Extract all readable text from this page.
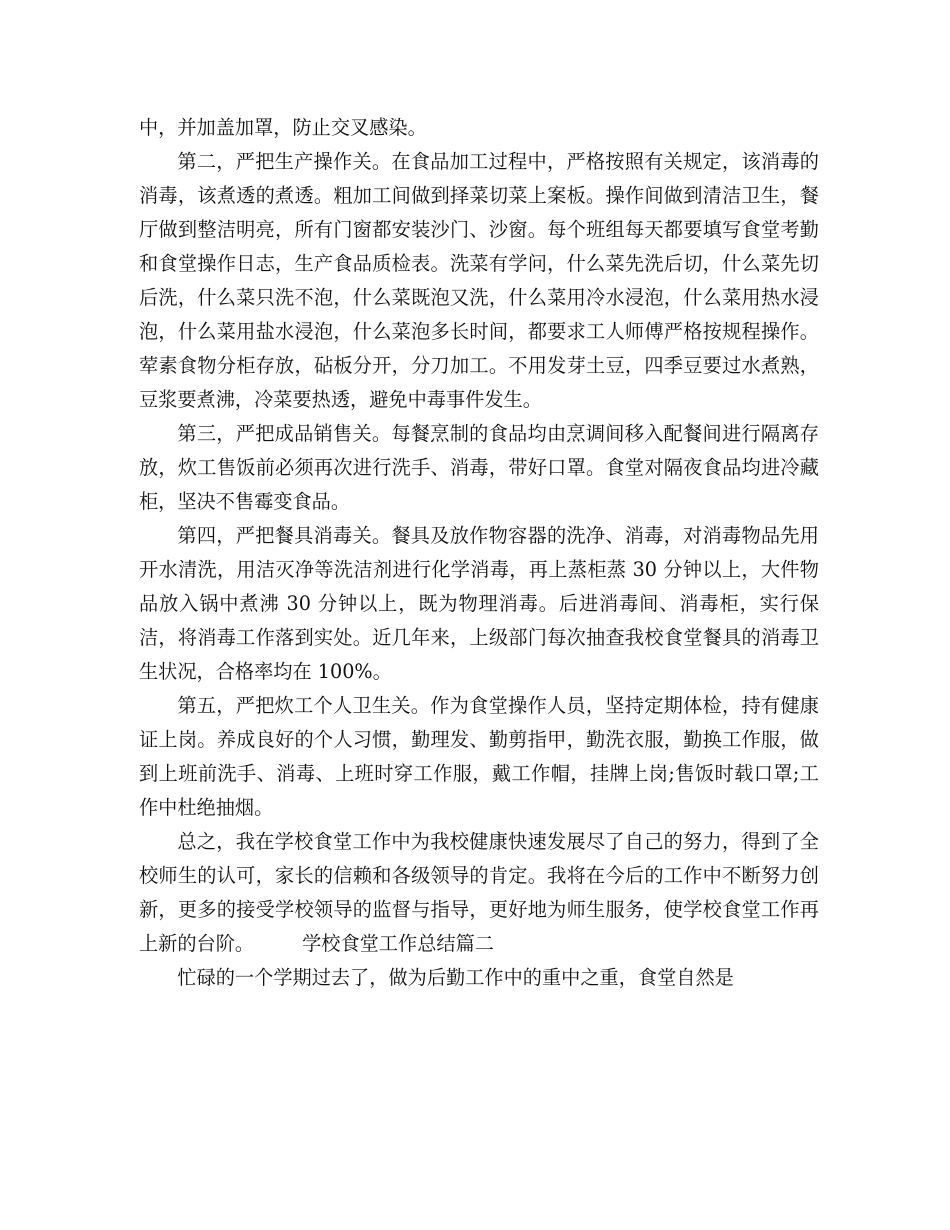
中，并加盖加罩，防止交叉感染。

第二，严把生产操作关。在食品加工过程中，严格按照有关规定，该消毒的消毒，该煮透的煮透。粗加工间做到择菜切菜上案板。操作间做到清洁卫生，餐厅做到整洁明亮，所有门窗都安装沙门、沙窗。每个班组每天都要填写食堂考勤和食堂操作日志，生产食品质检表。洗菜有学问，什么菜先洗后切，什么菜先切后洗，什么菜只洗不泡，什么菜既泡又洗，什么菜用冷水浸泡，什么菜用热水浸泡，什么菜用盐水浸泡，什么菜泡多长时间，都要求工人师傅严格按规程操作。荤素食物分柜存放，砧板分开，分刀加工。不用发芽土豆，四季豆要过水煮熟，豆浆要煮沸，冷菜要热透，避免中毒事件发生。

第三，严把成品销售关。每餐烹制的食品均由烹调间移入配餐间进行隔离存放，炊工售饭前必须再次进行洗手、消毒，带好口罩。食堂对隔夜食品均进冷藏柜，坚决不售霉变食品。

第四，严把餐具消毒关。餐具及放作物容器的洗净、消毒，对消毒物品先用开水清洗，用洁灭净等洗洁剂进行化学消毒，再上蒸柜蒸 30 分钟以上，大件物品放入锅中煮沸 30 分钟以上，既为物理消毒。后进消毒间、消毒柜，实行保洁，将消毒工作落到实处。近几年来，上级部门每次抽查我校食堂餐具的消毒卫生状况，合格率均在 100%。

第五，严把炊工个人卫生关。作为食堂操作人员，坚持定期体检，持有健康证上岗。养成良好的个人习惯，勤理发、勤剪指甲，勤洗衣服，勤换工作服，做到上班前洗手、消毒、上班时穿工作服，戴工作帽，挂牌上岗;售饭时载口罩;工作中杜绝抽烟。

总之，我在学校食堂工作中为我校健康快速发展尽了自己的努力，得到了全校师生的认可，家长的信赖和各级领导的肯定。我将在今后的工作中不断努力创新，更多的接受学校领导的监督与指导，更好地为师生服务，使学校食堂工作再上新的台阶。	学校食堂工作总结篇二

忙碌的一个学期过去了，做为后勤工作中的重中之重，食堂自然是
